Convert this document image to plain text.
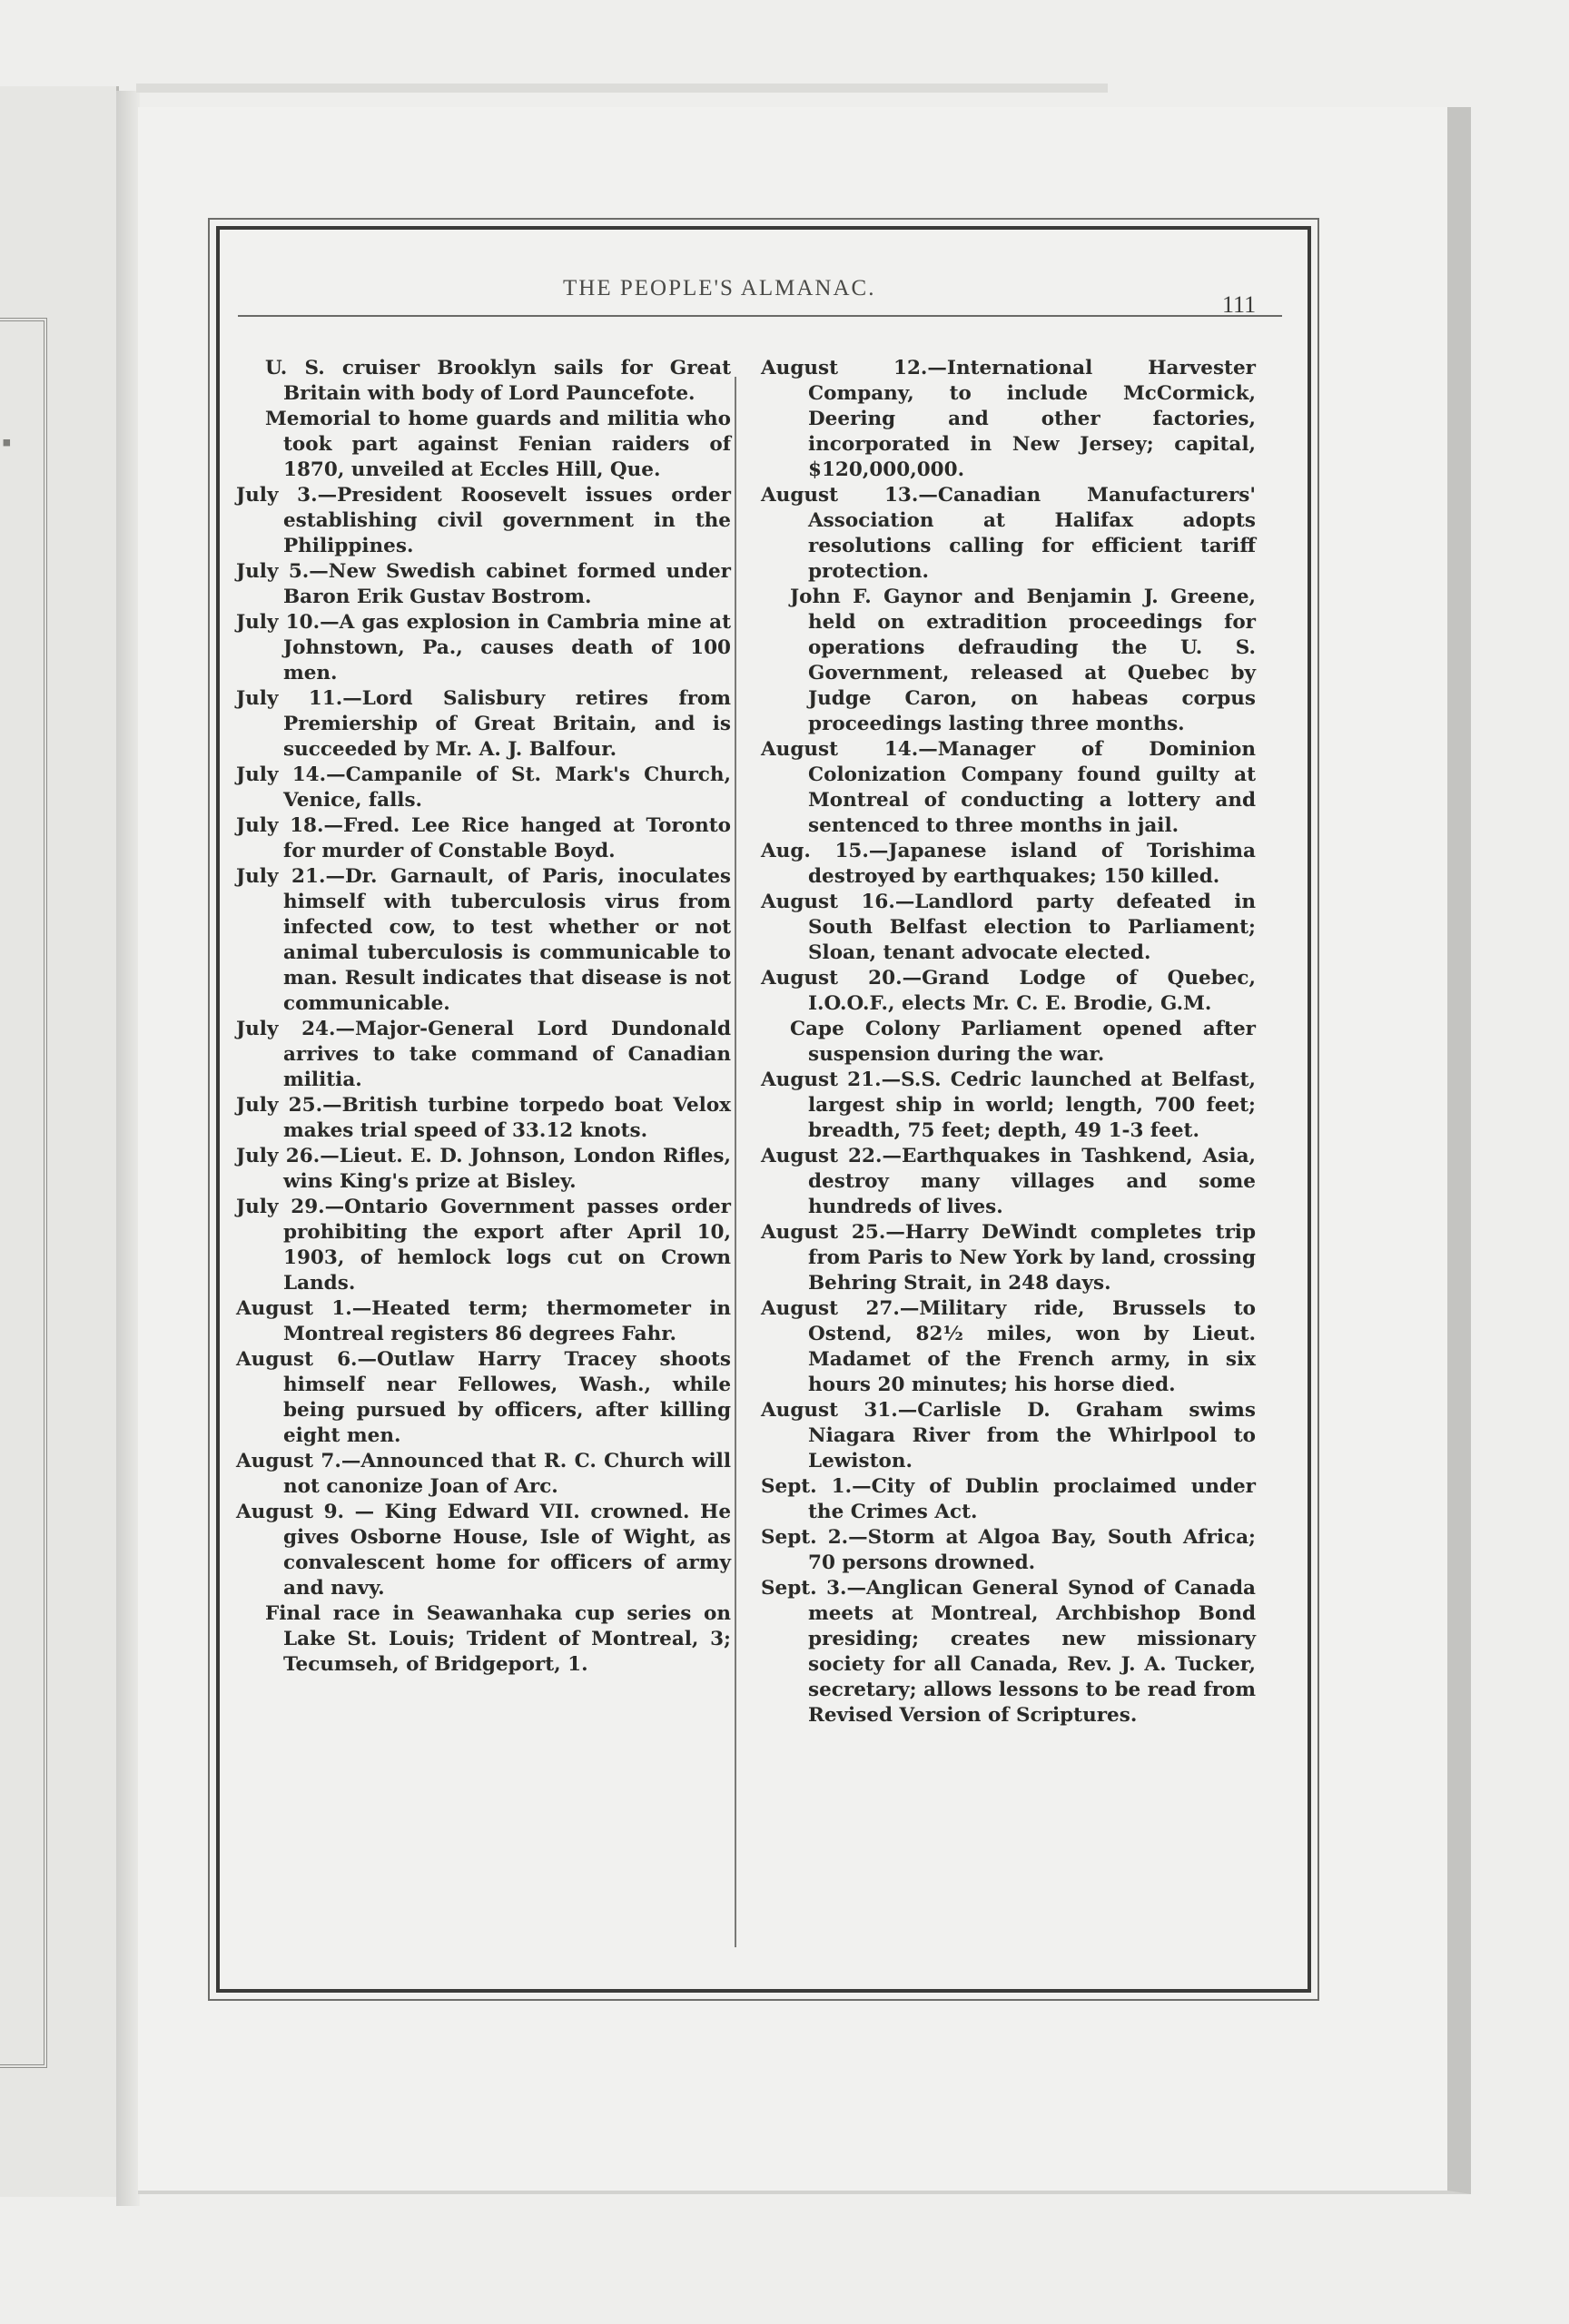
▪
THE PEOPLE'S ALMANAC.
111

U. S. cruiser Brooklyn sails for Great Britain with body of Lord Pauncefote.

Memorial to home guards and militia who took part against Fenian raiders of 1870, unveiled at Eccles Hill, Que.

July 3.—President Roosevelt issues order establishing civil government in the Philippines.

July 5.—New Swedish cabinet formed under Baron Erik Gustav Bostrom.

July 10.—A gas explosion in Cambria mine at Johnstown, Pa., causes death of 100 men.

July 11.—Lord Salisbury retires from Premiership of Great Britain, and is succeeded by Mr. A. J. Balfour.

July 14.—Campanile of St. Mark's Church, Venice, falls.

July 18.—Fred. Lee Rice hanged at Toronto for murder of Constable Boyd.

July 21.—Dr. Garnault, of Paris, inoculates himself with tuberculosis virus from infected cow, to test whether or not animal tuberculosis is communicable to man. Result indicates that disease is not communicable.

July 24.—Major-General Lord Dundonald arrives to take command of Canadian militia.

July 25.—British turbine torpedo boat Velox makes trial speed of 33.12 knots.

July 26.—Lieut. E. D. Johnson, London Rifles, wins King's prize at Bisley.

July 29.—Ontario Government passes order prohibiting the export after April 10, 1903, of hemlock logs cut on Crown Lands.

August 1.—Heated term; thermometer in Montreal registers 86 degrees Fahr.

August 6.—Outlaw Harry Tracey shoots himself near Fellowes, Wash., while being pursued by officers, after killing eight men.

August 7.—Announced that R. C. Church will not canonize Joan of Arc.

August 9. — King Edward VII. crowned. He gives Osborne House, Isle of Wight, as convalescent home for officers of army and navy.

Final race in Seawanhaka cup series on Lake St. Louis; Trident of Montreal, 3; Tecumseh, of Bridgeport, 1.

August 12.—International Harvester Company, to include McCormick, Deering and other factories, incorporated in New Jersey; capital, $120,000,000.

August 13.—Canadian Manufacturers' Association at Halifax adopts resolutions calling for efficient tariff protection.

John F. Gaynor and Benjamin J. Greene, held on extradition proceedings for operations defrauding the U. S. Government, released at Quebec by Judge Caron, on habeas corpus proceedings lasting three months.

August 14.—Manager of Dominion Colonization Company found guilty at Montreal of conducting a lottery and sentenced to three months in jail.

Aug. 15.—Japanese island of Torishima destroyed by earthquakes; 150 killed.

August 16.—Landlord party defeated in South Belfast election to Parliament; Sloan, tenant advocate elected.

August 20.—Grand Lodge of Quebec, I.O.O.F., elects Mr. C. E. Brodie, G.M.

Cape Colony Parliament opened after suspension during the war.

August 21.—S.S. Cedric launched at Belfast, largest ship in world; length, 700 feet; breadth, 75 feet; depth, 49 1-3 feet.

August 22.—Earthquakes in Tashkend, Asia, destroy many villages and some hundreds of lives.

August 25.—Harry DeWindt completes trip from Paris to New York by land, crossing Behring Strait, in 248 days.

August 27.—Military ride, Brussels to Ostend, 82½ miles, won by Lieut. Madamet of the French army, in six hours 20 minutes; his horse died.

August 31.—Carlisle D. Graham swims Niagara River from the Whirlpool to Lewiston.

Sept. 1.—City of Dublin proclaimed under the Crimes Act.

Sept. 2.—Storm at Algoa Bay, South Africa; 70 persons drowned.

Sept. 3.—Anglican General Synod of Canada meets at Montreal, Archbishop Bond presiding; creates new missionary society for all Canada, Rev. J. A. Tucker, secretary; allows lessons to be read from Revised Version of Scriptures.
